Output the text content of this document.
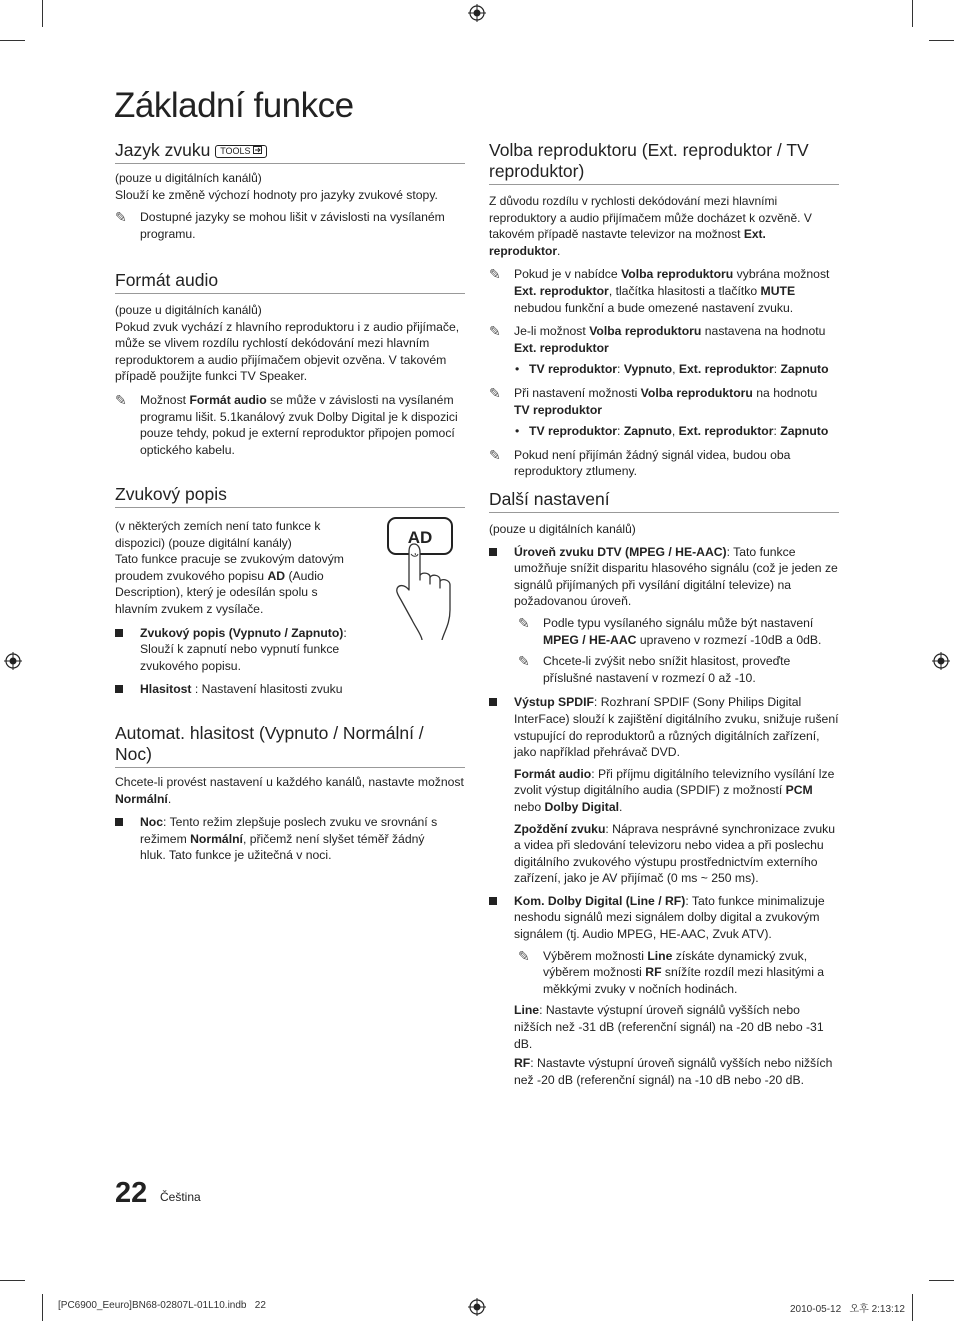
Základní funkce
Jazyk zvuku TOOLS

(pouze u digitálních kanálů)

Slouží ke změně výchozí hodnoty pro jazyky zvukové stopy.

✎ Dostupné jazyky se mohou lišit v závislosti na vysílaném programu.
Formát audio

(pouze u digitálních kanálů)

Pokud zvuk vychází z hlavního reproduktoru i z audio přijímače, může se vlivem rozdílu rychlostí dekódování mezi hlavním reproduktorem a audio přijímačem objevit ozvěna. V takovém případě použijte funkci TV Speaker.

✎ Možnost Formát audio se může v závislosti na vysílaném programu lišit. 5.1kanálový zvuk Dolby Digital je k dispozici pouze tehdy, pokud je externí reproduktor připojen pomocí optického kabelu.
Zvukový popis

(v některých zemích není tato funkce k dispozici) (pouze digitální kanály)

Tato funkce pracuje se zvukovým datovým proudem zvukového popisu AD (Audio Description), který je odesílán spolu s hlavním zvukem z vysílače.

Zvukový popis (Vypnuto / Zapnuto): Slouží k zapnutí nebo vypnutí funkce zvukového popisu.
Hlasitost : Nastavení hlasitosti zvuku
AD
Automat. hlasitost (Vypnuto / Normální / Noc)

Chcete-li provést nastavení u každého kanálů, nastavte možnost Normální.

Noc: Tento režim zlepšuje poslech zvuku ve srovnání s režimem Normální, přičemž není slyšet téměř žádný hluk. Tato funkce je užitečná v noci.
Volba reproduktoru (Ext. reproduktor / TV reproduktor)

Z důvodu rozdílu v rychlosti dekódování mezi hlavními reproduktory a audio přijímačem může docházet k ozvěně. V takovém případě nastavte televizor na možnost Ext. reproduktor.

✎ Pokud je v nabídce Volba reproduktoru vybrána možnost Ext. reproduktor, tlačítka hlasitosti a tlačítko MUTE nebudou funkční a bude omezené nastavení zvuku.
✎ Je-li možnost Volba reproduktoru nastavena na hodnotu
Ext. reproduktor
• TV reproduktor: Vypnuto, Ext. reproduktor: Zapnuto
✎ Při nastavení možnosti Volba reproduktoru na hodnotu
TV reproduktor
• TV reproduktor: Zapnuto, Ext. reproduktor: Zapnuto
✎ Pokud není přijímán žádný signál videa, budou oba reproduktory ztlumeny.
Další nastavení

(pouze u digitálních kanálů)

Úroveň zvuku DTV (MPEG / HE-AAC): Tato funkce umožňuje snížit disparitu hlasového signálu (což je jeden ze signálů přijímaných při vysílání digitální televize) na požadovanou úroveň.
✎ Podle typu vysílaného signálu může být nastavení MPEG / HE-AAC upraveno v rozmezí -10dB a 0dB.
✎ Chcete-li zvýšit nebo snížit hlasitost, proveďte příslušné nastavení v rozmezí 0 až -10.
Výstup SPDIF: Rozhraní SPDIF (Sony Philips Digital InterFace) slouží k zajištění digitálního zvuku, snižuje rušení vstupující do reproduktorů a různých digitálních zařízení, jako například přehrávač DVD.

Formát audio: Při příjmu digitálního televizního vysílání lze zvolit výstup digitálního audia (SPDIF) z možností PCM nebo Dolby Digital.

Zpoždění zvuku: Náprava nesprávné synchronizace zvuku a videa při sledování televizoru nebo videa a při poslechu digitálního zvukového výstupu prostřednictvím externího zařízení, jako je AV přijímač (0 ms ~ 250 ms).

Kom. Dolby Digital (Line / RF): Tato funkce minimalizuje neshodu signálů mezi signálem dolby digital a zvukovým signálem (tj. Audio MPEG, HE-AAC, Zvuk ATV).
✎ Výběrem možnosti Line získáte dynamický zvuk, výběrem možnosti RF snížíte rozdíl mezi hlasitými a měkkými zvuky v nočních hodinách.

Line: Nastavte výstupní úroveň signálů vyšších nebo nižších než -31 dB (referenční signál) na -20 dB nebo -31 dB.

RF: Nastavte výstupní úroveň signálů vyšších nebo nižších než -20 dB (referenční signál) na -10 dB nebo -20 dB.

22 Čeština
[PC6900_Eeuro]BN68-02807L-01L10.indb   22	2010-05-12   오후 2:13:12
